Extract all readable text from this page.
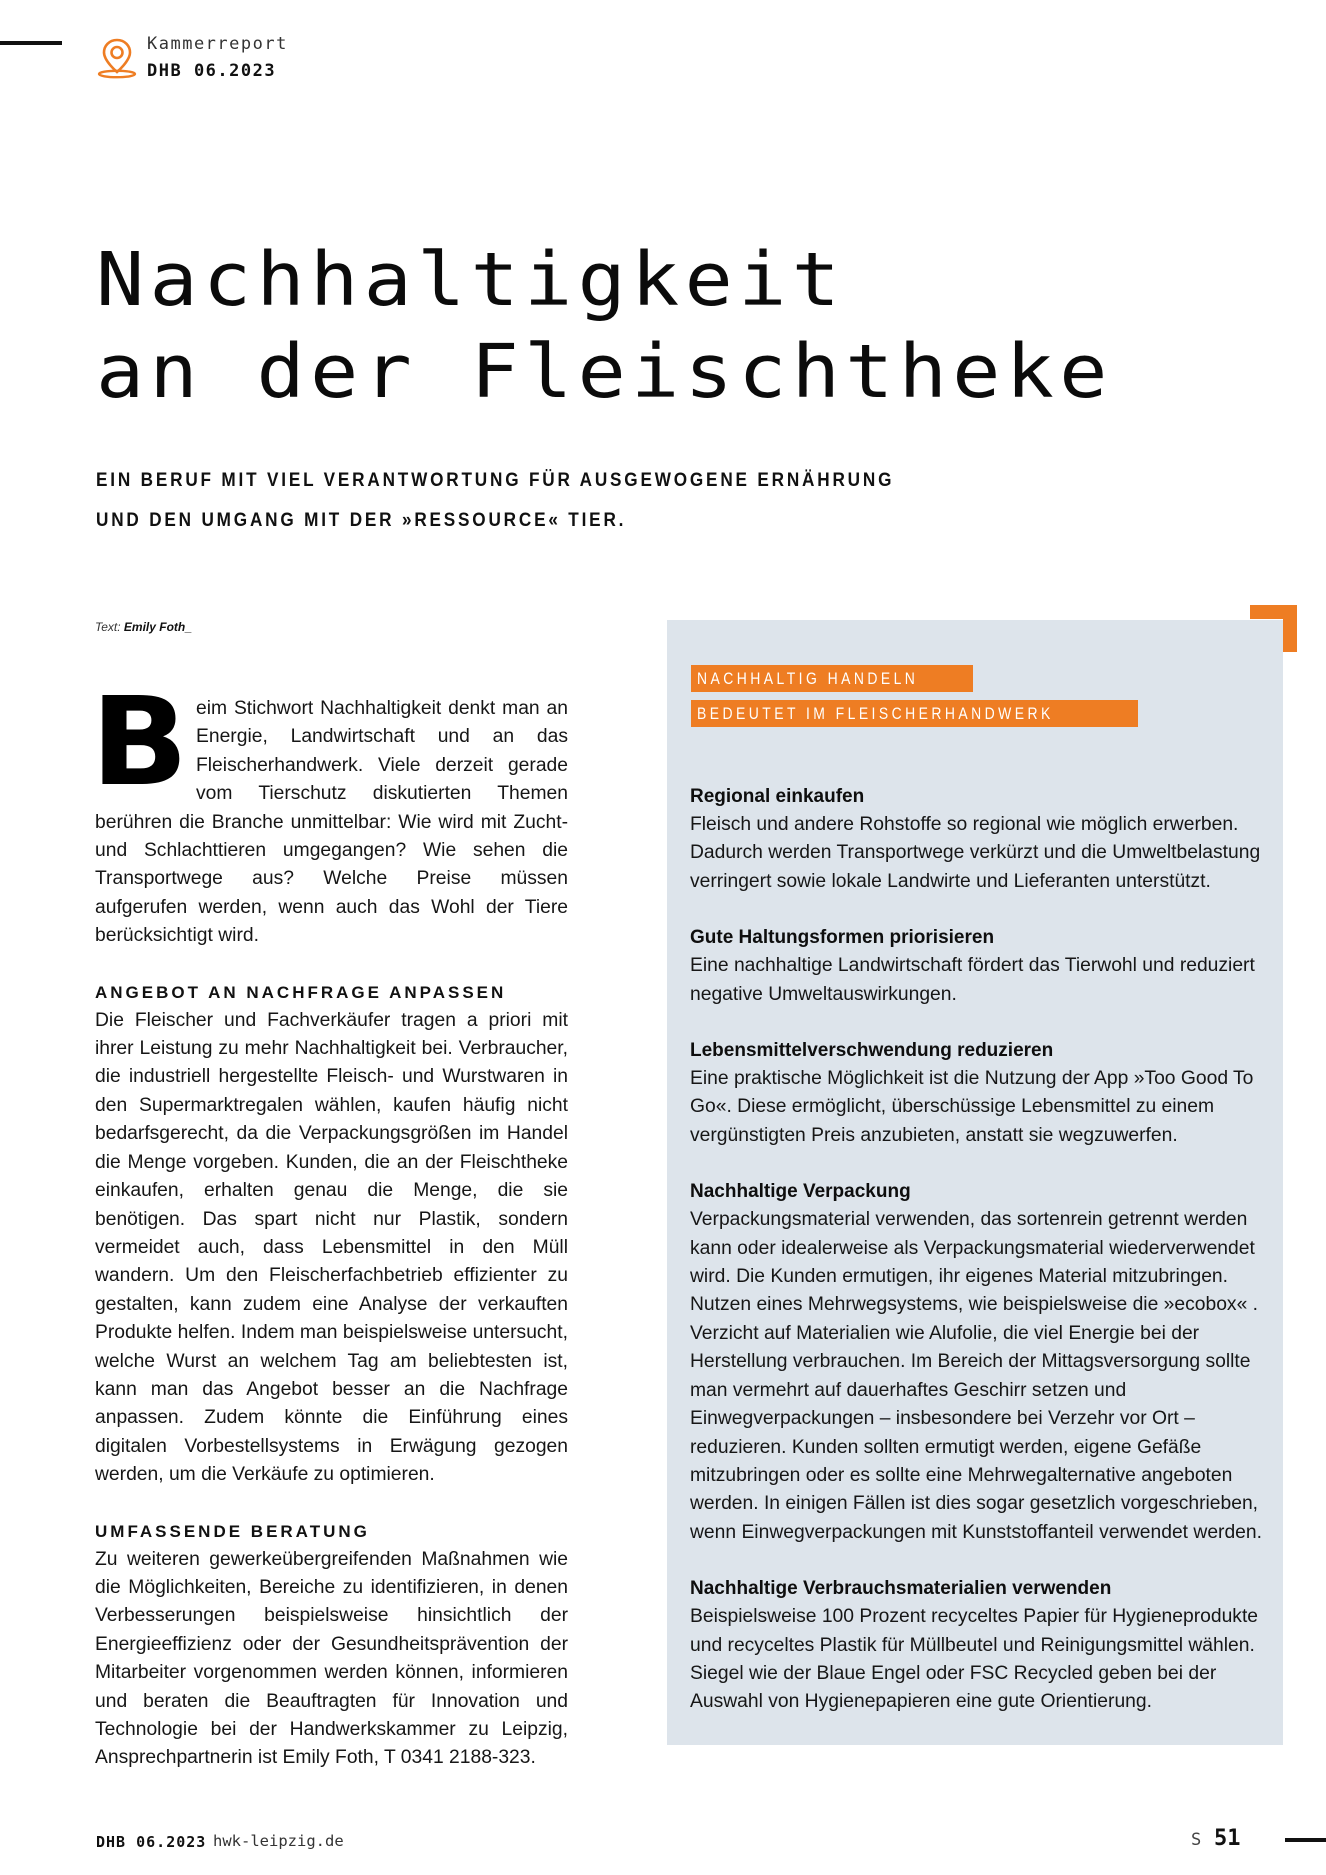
Kammerreport
DHB 06.2023
Nachhaltigkeit
an der Fleischtheke
EIN BERUF MIT VIEL VERANTWORTUNG FÜR AUSGEWOGENE ERNÄHRUNG
UND DEN UMGANG MIT DER »RESSOURCE« TIER.
Text: Emily Foth_

B eim Stichwort Nachhaltigkeit denkt man an Energie, Landwirtschaft und an das Fleischerhandwerk. Viele derzeit gerade vom Tierschutz diskutierten Themen berühren die Branche unmittelbar: Wie wird mit Zucht- und Schlachttieren umgegangen? Wie sehen die Transportwege aus? Welche Preise müssen aufgerufen werden, wenn auch das Wohl der Tiere berücksichtigt wird.

ANGEBOT AN NACHFRAGE ANPASSEN

Die Fleischer und Fachverkäufer tragen a priori mit ihrer Leistung zu mehr Nachhaltigkeit bei. Verbraucher, die industriell hergestellte Fleisch- und Wurstwaren in den Supermarktregalen wählen, kaufen häufig nicht bedarfsgerecht, da die Verpackungsgrößen im Handel die Menge vorgeben. Kunden, die an der Fleischtheke einkaufen, erhalten genau die Menge, die sie benötigen. Das spart nicht nur Plastik, sondern vermeidet auch, dass Lebensmittel in den Müll wandern. Um den Fleischerfachbetrieb effizienter zu gestalten, kann zudem eine Analyse der verkauften Produkte helfen. Indem man beispielsweise untersucht, welche Wurst an welchem Tag am beliebtesten ist, kann man das Angebot besser an die Nachfrage anpassen. Zudem könnte die Einführung eines digitalen Vorbestellsystems in Erwägung gezogen werden, um die Verkäufe zu optimieren.

UMFASSENDE BERATUNG

Zu weiteren gewerkeübergreifenden Maßnahmen wie die Möglichkeiten, Bereiche zu identifizieren, in denen Verbesserungen beispielsweise hinsichtlich der Energieeffizienz oder der Gesundheitsprävention der Mitarbeiter vorgenommen werden können, informieren und beraten die Beauftragten für Innovation und Technologie bei der Handwerkskammer zu Leipzig, Ansprechpartnerin ist Emily Foth, T 0341 2188-323.

NACHHALTIG HANDELN
BEDEUTET IM FLEISCHERHANDWERK
Regional einkaufen

Fleisch und andere Rohstoffe so regional wie möglich erwerben. Dadurch werden Transportwege verkürzt und die Umweltbelastung verringert sowie lokale Landwirte und Lieferanten unterstützt.

Gute Haltungsformen priorisieren

Eine nachhaltige Landwirtschaft fördert das Tierwohl und reduziert negative Umweltauswirkungen.

Lebensmittelverschwendung reduzieren

Eine praktische Möglichkeit ist die Nutzung der App »Too Good To Go«. Diese ermöglicht, überschüssige Lebensmittel zu einem vergünstigten Preis anzubieten, anstatt sie wegzuwerfen.

Nachhaltige Verpackung

Verpackungsmaterial verwenden, das sortenrein getrennt werden kann oder idealerweise als Verpackungsmaterial wiederverwendet wird. Die Kunden ermutigen, ihr eigenes Material mitzubringen. Nutzen eines Mehrwegsystems, wie beispielsweise die »ecobox« . Verzicht auf Materialien wie Alufolie, die viel Energie bei der Herstellung verbrauchen. Im Bereich der Mittagsversorgung sollte man vermehrt auf dauerhaftes Geschirr setzen und Einwegverpackungen – insbesondere bei Verzehr vor Ort – reduzieren. Kunden sollten ermutigt werden, eigene Gefäße mitzubringen oder es sollte eine Mehrwegalternative angeboten werden. In einigen Fällen ist dies sogar gesetzlich vorgeschrieben, wenn Einwegverpackungen mit Kunststoffanteil verwendet werden.

Nachhaltige Verbrauchsmaterialien verwenden

Beispielsweise 100 Prozent recyceltes Papier für Hygieneprodukte und recyceltes Plastik für Müllbeutel und Reinigungsmittel wählen. Siegel wie der Blaue Engel oder FSC Recycled geben bei der Auswahl von Hygienepapieren eine gute Orientierung.

DHB 06.2023 hwk-leipzig.de	S 51
